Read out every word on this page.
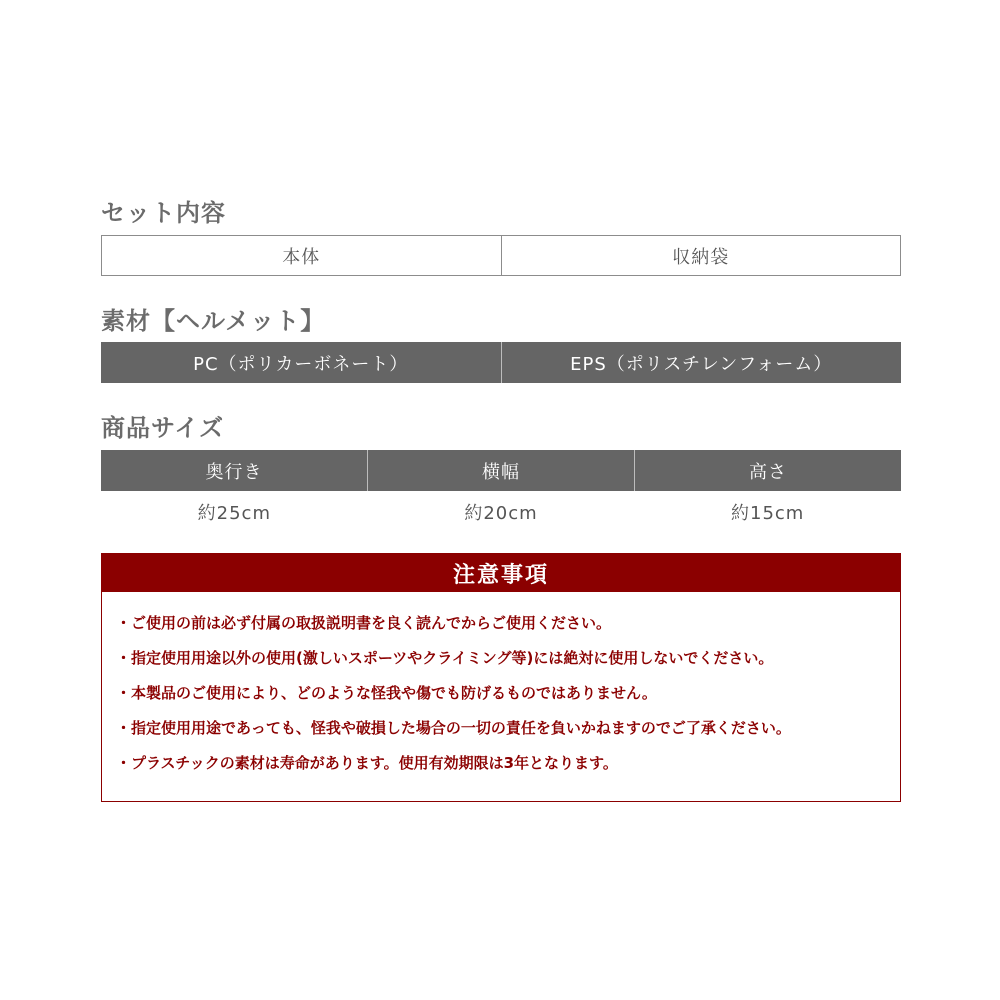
セット内容
本体	収納袋
素材【ヘルメット】
PC（ポリカーボネート）	EPS（ポリスチレンフォーム）
商品サイズ
奥行き	横幅	高さ
約25cm	約20cm	約15cm
注意事項
・ご使用の前は必ず付属の取扱説明書を良く読んでからご使用ください。
・指定使用用途以外の使用(激しいスポーツやクライミング等)には絶対に使用しないでください。
・本製品のご使用により、どのような怪我や傷でも防げるものではありません。
・指定使用用途であっても、怪我や破損した場合の一切の責任を負いかねますのでご了承ください。
・プラスチックの素材は寿命があります。使用有効期限は3年となります。
